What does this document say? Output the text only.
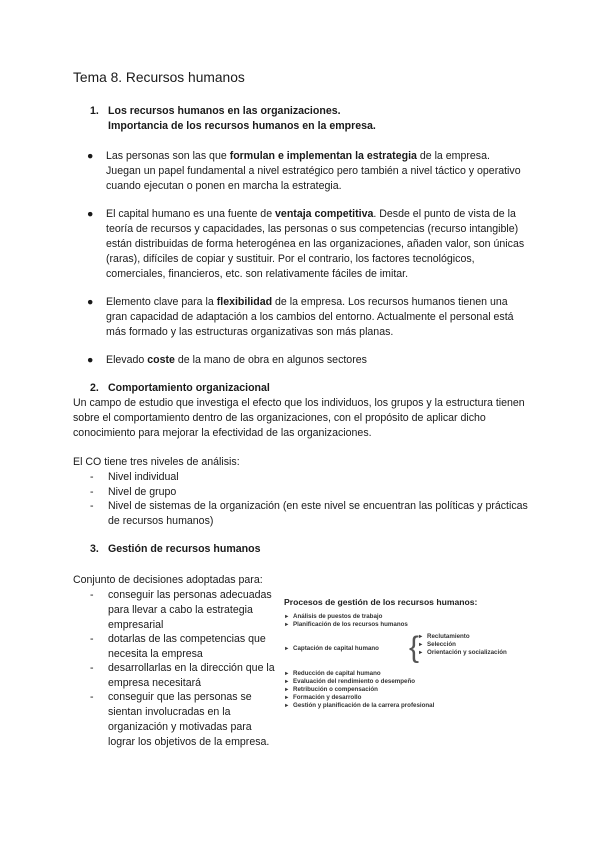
Tema 8. Recursos humanos
1. Los recursos humanos en las organizaciones.
Importancia de los recursos humanos en la empresa.
● Las personas son las que formulan e implementan la estrategia de la empresa. Juegan un papel fundamental a nivel estratégico pero también a nivel táctico y operativo cuando ejecutan o ponen en marcha la estrategia.
● El capital humano es una fuente de ventaja competitiva. Desde el punto de vista de la teoría de recursos y capacidades, las personas o sus competencias (recurso intangible) están distribuidas de forma heterogénea en las organizaciones, añaden valor, son únicas (raras), difíciles de copiar y sustituir. Por el contrario, los factores tecnológicos, comerciales, financieros, etc. son relativamente fáciles de imitar.
● Elemento clave para la flexibilidad de la empresa. Los recursos humanos tienen una gran capacidad de adaptación a los cambios del entorno. Actualmente el personal está más formado y las estructuras organizativas son más planas.
● Elevado coste de la mano de obra en algunos sectores
2. Comportamiento organizacional
Un campo de estudio que investiga el efecto que los individuos, los grupos y la estructura tienen sobre el comportamiento dentro de las organizaciones, con el propósito de aplicar dicho conocimiento para mejorar la efectividad de las organizaciones.
El CO tiene tres niveles de análisis:
- Nivel individual
- Nivel de grupo
- Nivel de sistemas de la organización (en este nivel se encuentran las políticas y prácticas de recursos humanos)
3. Gestión de recursos humanos
Conjunto de decisiones adoptadas para:
- conseguir las personas adecuadas para llevar a cabo la estrategia empresarial
- dotarlas de las competencias que necesita la empresa
- desarrollarlas en la dirección que la empresa necesitará
- conseguir que las personas se sientan involucradas en la organización y motivadas para lograr los objetivos de la empresa.
Procesos de gestión de los recursos humanos:
► Análisis de puestos de trabajo
► Planificación de los recursos humanos
► Captación de capital humano {
► Reclutamiento
► Selección
► Orientación y socialización
► Reducción de capital humano
► Evaluación del rendimiento o desempeño
► Retribución o compensación
► Formación y desarrollo
► Gestión y planificación de la carrera profesional
